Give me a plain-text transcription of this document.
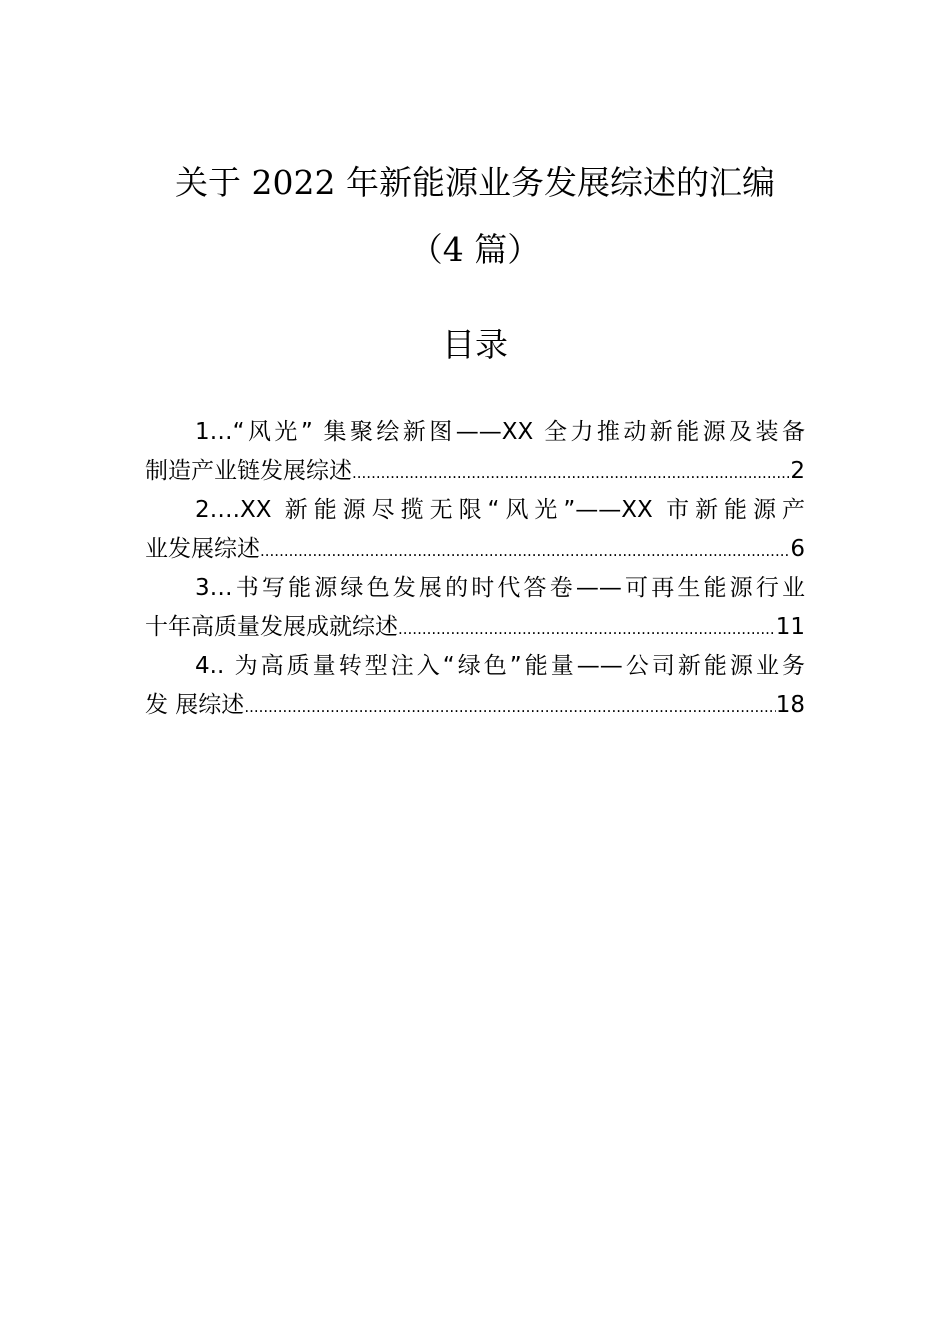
关于 2022 年新能源业务发展综述的汇编
（4 篇）
目录
1…“风光” 集聚绘新图——XX 全力推动新能源及装备
制造产业链发展综述 .....	2
2….XX 新能源尽揽无限“风光”——XX 市新能源产
业发展综述 .....	6
3…书写能源绿色发展的时代答卷——可再生能源行业
十年高质量发展成就综述 .....	11
4.. 为高质量转型注入“绿色”能量——公司新能源业务
发 展综述 .....	18
